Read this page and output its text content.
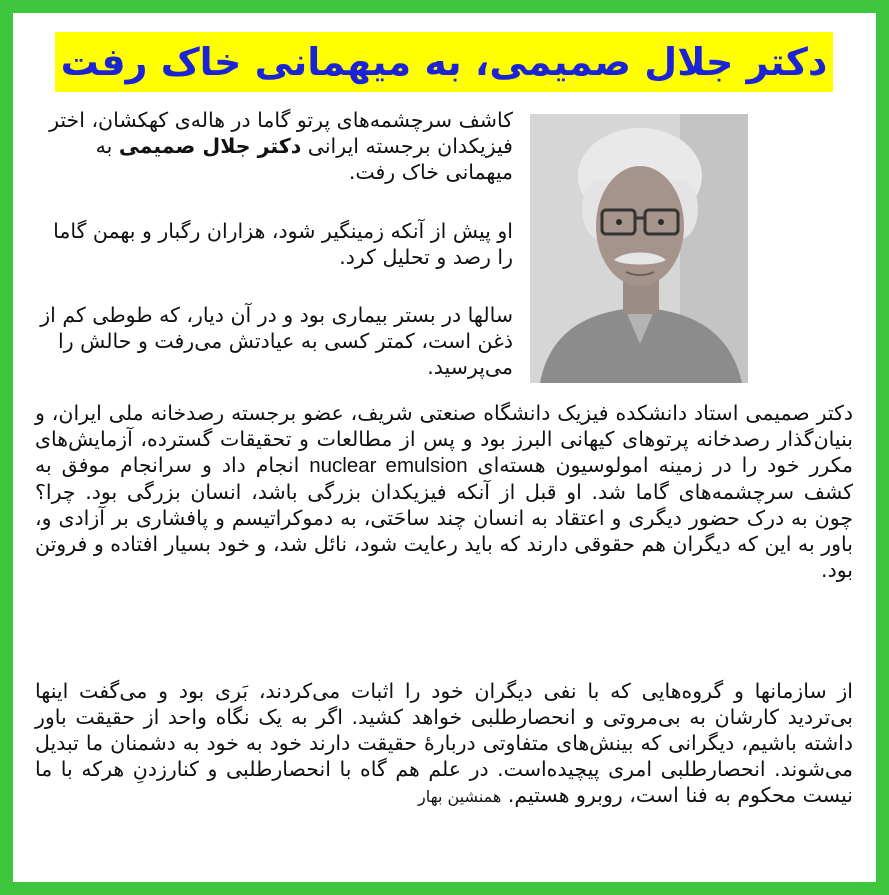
دکتر جلال صمیمی، به میهمانی خاک رفت
کاشف سرچشمه‌های پرتو گاما در هاله‌ی کهکشان، اختر فیزیکدان برجسته ایرانی دکتر جلال صمیمی به میهمانی خاک رفت.
او پیش از آنکه زمینگیر شود، هزاران رگبار و بهمن گاما را رصد و تحلیل کرد.
سالها در بستر بیماری بود و در آن دیار، که طوطی کم از ذغن است، کمتر کسی به عیادتش می‌رفت و حالش را می‌پرسید.
دکتر صمیمی استاد دانشکده فیزیک دانشگاه صنعتی شریف، عضو برجسته رصدخانه ملی ایران، و بنیان‌گذار رصدخانه پرتوهای کیهانی البرز بود و پس از مطالعات و تحقیقات گسترده، آزمایش‌های مکرر خود را در زمینه امولوسیون هسته‌ای nuclear emulsion انجام داد و سرانجام موفق به کشف سرچشمه‌های گاما شد. او قبل از آنکه فیزیکدان بزرگی باشد، انسان بزرگی بود. چرا؟ چون به درک حضور دیگری و اعتقاد به انسان چند ساحَتی، به دموکراتیسم و پافشاری بر آزادی و، باور به این که دیگران هم حقوقی دارند که باید رعایت شود، نائل شد، و خود بسیار افتاده و فروتن بود.
از سازمانها و گروه‌هایی که با نفی دیگران خود را اثبات می‌کردند، بَری بود و می‌گفت اینها بی‌تردید کارشان به بی‌مروتی و انحصارطلبی خواهد کشید. اگر به یک نگاه واحد از حقیقت باور داشته باشیم، دیگرانی که بینش‌های متفاوتی دربارۀ حقیقت دارند خود به خود به دشمنان ما تبدیل می‌شوند. انحصارطلبی امری پیچیده‌است. در علم هم گاه با انحصارطلبی و کنارزدنِ هرکه با ما نیست محکوم به فنا است، روبرو هستیم. همنشین بهار
